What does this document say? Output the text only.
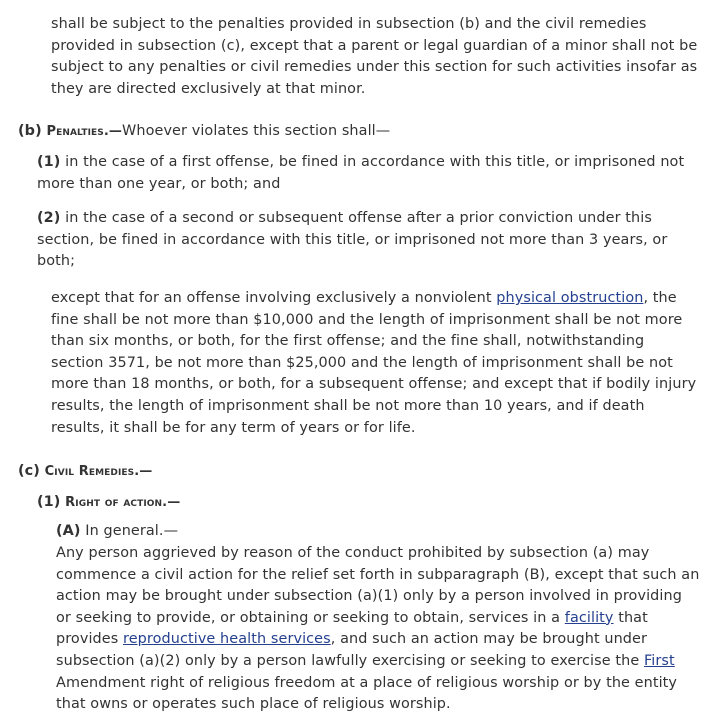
shall be subject to the penalties provided in subsection (b) and the civil remedies provided in subsection (c), except that a parent or legal guardian of a minor shall not be subject to any penalties or civil remedies under this section for such activities insofar as they are directed exclusively at that minor.

(b) Penalties.—Whoever violates this section shall—

(1) in the case of a first offense, be fined in accordance with this title, or imprisoned not more than one year, or both; and

(2) in the case of a second or subsequent offense after a prior conviction under this section, be fined in accordance with this title, or imprisoned not more than 3 years, or both;

except that for an offense involving exclusively a nonviolent physical obstruction, the fine shall be not more than $10,000 and the length of imprisonment shall be not more than six months, or both, for the first offense; and the fine shall, notwithstanding section 3571, be not more than $25,000 and the length of imprisonment shall be not more than 18 months, or both, for a subsequent offense; and except that if bodily injury results, the length of imprisonment shall be not more than 10 years, and if death results, it shall be for any term of years or for life.

(c) Civil Remedies.—

(1) Right of action.—

(A) In general.—

Any person aggrieved by reason of the conduct prohibited by subsection (a) may commence a civil action for the relief set forth in subparagraph (B), except that such an action may be brought under subsection (a)(1) only by a person involved in providing or seeking to provide, or obtaining or seeking to obtain, services in a facility that provides reproductive health services, and such an action may be brought under subsection (a)(2) only by a person lawfully exercising or seeking to exercise the First Amendment right of religious freedom at a place of religious worship or by the entity that owns or operates such place of religious worship.
